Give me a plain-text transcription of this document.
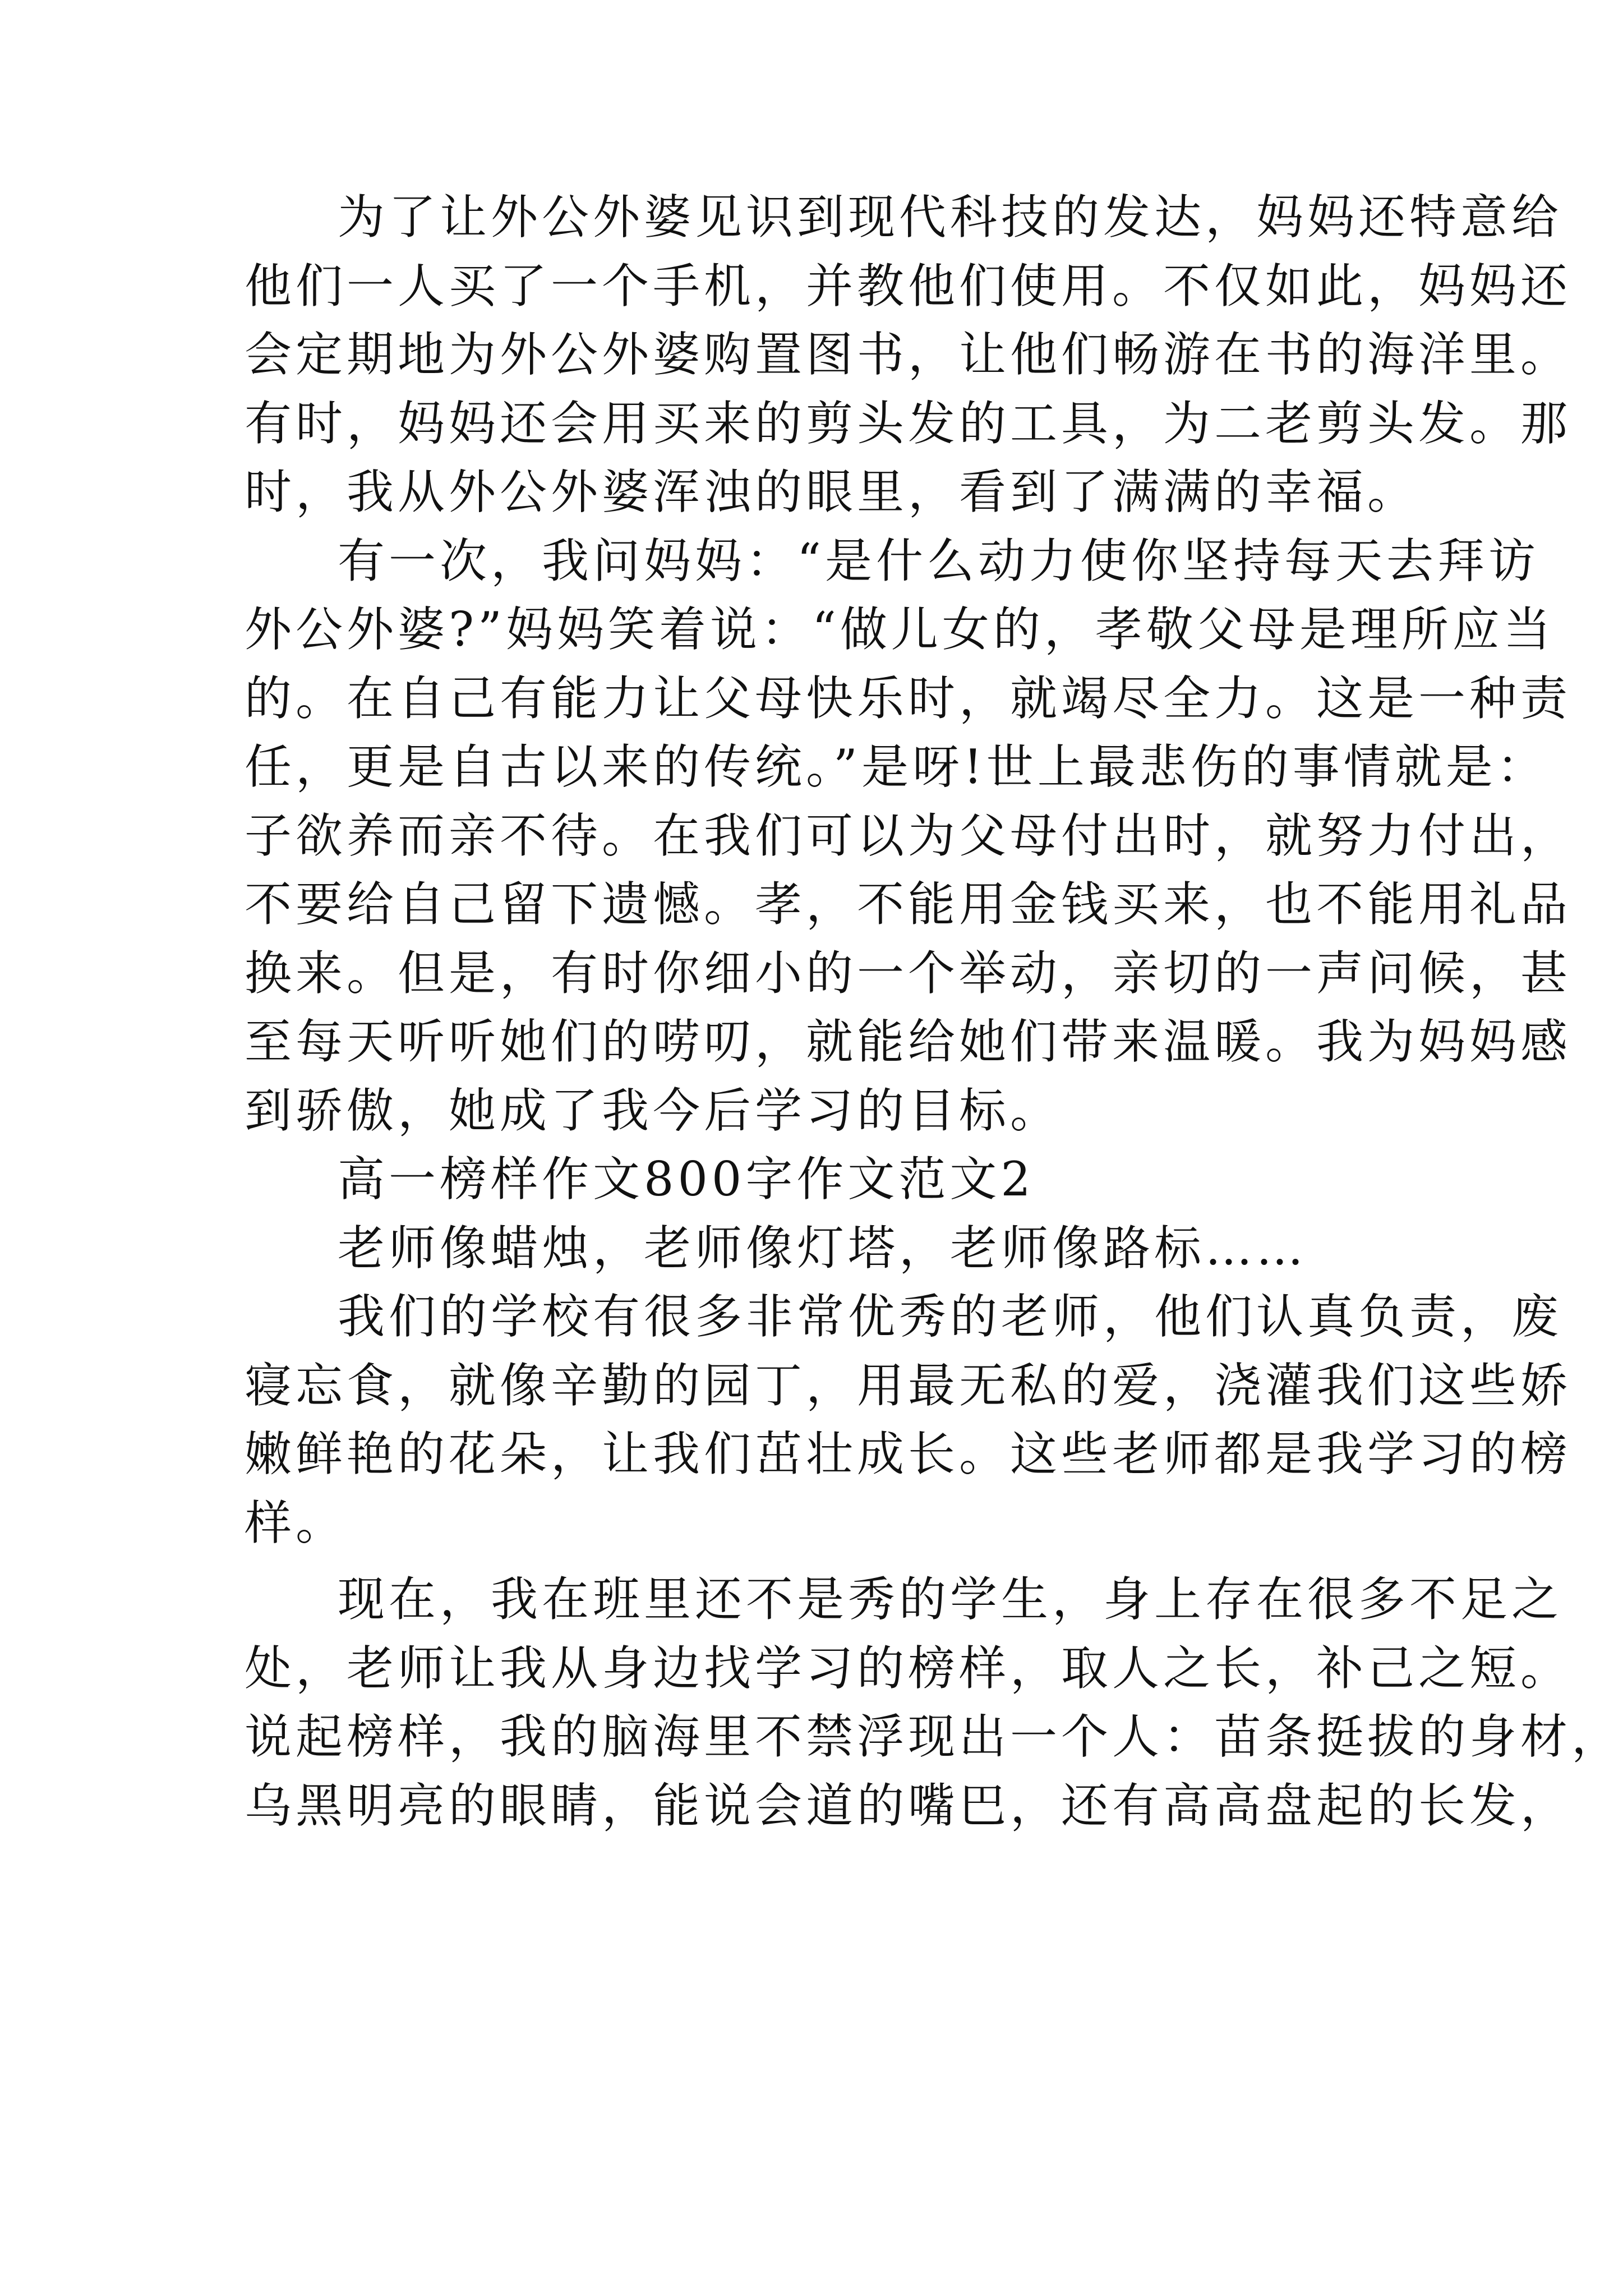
为了让外公外婆见识到现代科技的发达，妈妈还特意给
他们一人买了一个手机，并教他们使用。不仅如此，妈妈还
会定期地为外公外婆购置图书，让他们畅游在书的海洋里。
有时，妈妈还会用买来的剪头发的工具，为二老剪头发。那
时，我从外公外婆浑浊的眼里，看到了满满的幸福。
有一次，我问妈妈：“是什么动力使你坚持每天去拜访
外公外婆?”妈妈笑着说：“做儿女的，孝敬父母是理所应当
的。在自己有能力让父母快乐时，就竭尽全力。这是一种责
任，更是自古以来的传统。”是呀!世上最悲伤的事情就是：
子欲养而亲不待。在我们可以为父母付出时，就努力付出，
不要给自己留下遗憾。孝，不能用金钱买来，也不能用礼品
换来。但是，有时你细小的一个举动，亲切的一声问候，甚
至每天听听她们的唠叨，就能给她们带来温暖。我为妈妈感
到骄傲，她成了我今后学习的目标。
高一榜样作文800字作文范文2
老师像蜡烛，老师像灯塔，老师像路标……
我们的学校有很多非常优秀的老师，他们认真负责，废
寝忘食，就像辛勤的园丁，用最无私的爱，浇灌我们这些娇
嫩鲜艳的花朵，让我们茁壮成长。这些老师都是我学习的榜
样。
现在，我在班里还不是秀的学生，身上存在很多不足之
处，老师让我从身边找学习的榜样，取人之长，补己之短。
说起榜样，我的脑海里不禁浮现出一个人：苗条挺拔的身材，
乌黑明亮的眼睛，能说会道的嘴巴，还有高高盘起的长发，
